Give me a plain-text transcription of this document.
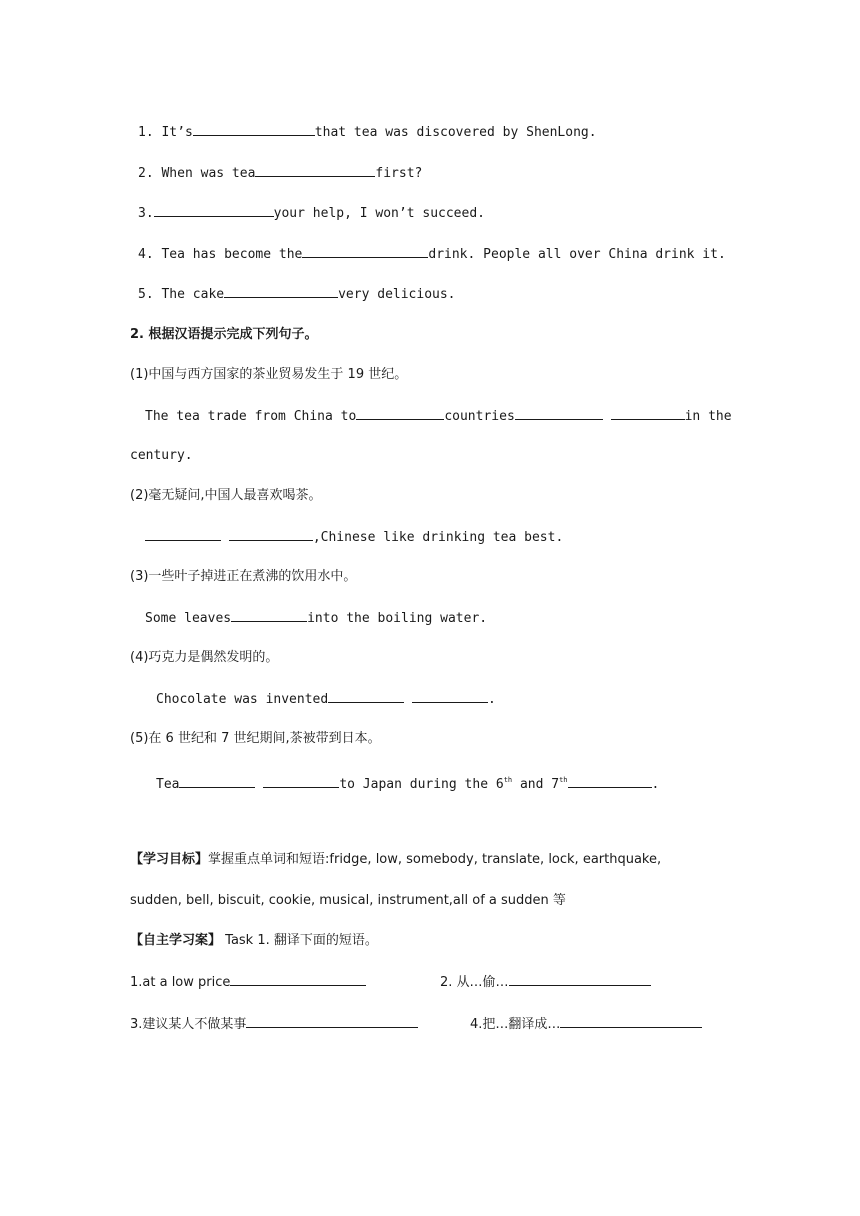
1. It’s	that tea was discovered by ShenLong.
2. When was tea	first?
3.	your help, I won’t succeed.
4. Tea has become the	drink. People all over China drink it.
5. The cake	very delicious.
2. 根据汉语提示完成下列句子。
(1)中国与西方国家的茶业贸易发生于 19 世纪。
The tea trade from China to	countries	in the
century.
(2)毫无疑问,中国人最喜欢喝茶。
,Chinese like drinking tea best.
(3)一些叶子掉进正在煮沸的饮用水中。
Some leaves	into the boiling water.
(4)巧克力是偶然发明的。
Chocolate was invented	.
(5)在 6 世纪和 7 世纪期间,茶被带到日本。
Tea	to Japan during the 6th and 7th	.
【学习目标】掌握重点单词和短语:fridge, low, somebody, translate, lock, earthquake,
sudden, bell, biscuit, cookie, musical, instrument,all of a sudden 等
【自主学习案】 Task 1. 翻译下面的短语。
1.at a low price	2. 从…偷…
3.建议某人不做某事	4.把…翻译成…
